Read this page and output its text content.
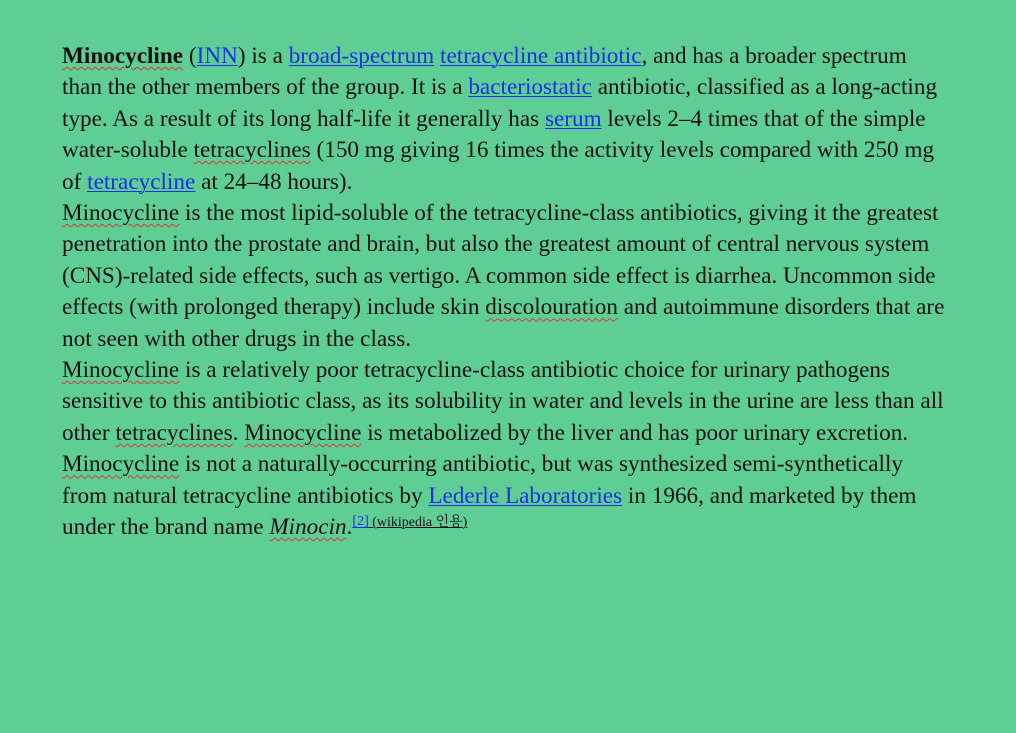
Minocycline (INN) is a broad-spectrum tetracycline antibiotic, and has a broader spectrum than the other members of the group. It is a bacteriostatic antibiotic, classified as a long-acting type. As a result of its long half-life it generally has serum levels 2–4 times that of the simple water-soluble tetracyclines (150 mg giving 16 times the activity levels compared with 250 mg of tetracycline at 24–48 hours).

Minocycline is the most lipid-soluble of the tetracycline-class antibiotics, giving it the greatest penetration into the prostate and brain, but also the greatest amount of central nervous system (CNS)-related side effects, such as vertigo. A common side effect is diarrhea. Uncommon side effects (with prolonged therapy) include skin discolouration and autoimmune disorders that are not seen with other drugs in the class.

Minocycline is a relatively poor tetracycline-class antibiotic choice for urinary pathogens sensitive to this antibiotic class, as its solubility in water and levels in the urine are less than all other tetracyclines. Minocycline is metabolized by the liver and has poor urinary excretion.

Minocycline is not a naturally-occurring antibiotic, but was synthesized semi-synthetically from natural tetracycline antibiotics by Lederle Laboratories in 1966, and marketed by them under the brand name Minocin.[2] $^{(wikipedia 인용)}$
